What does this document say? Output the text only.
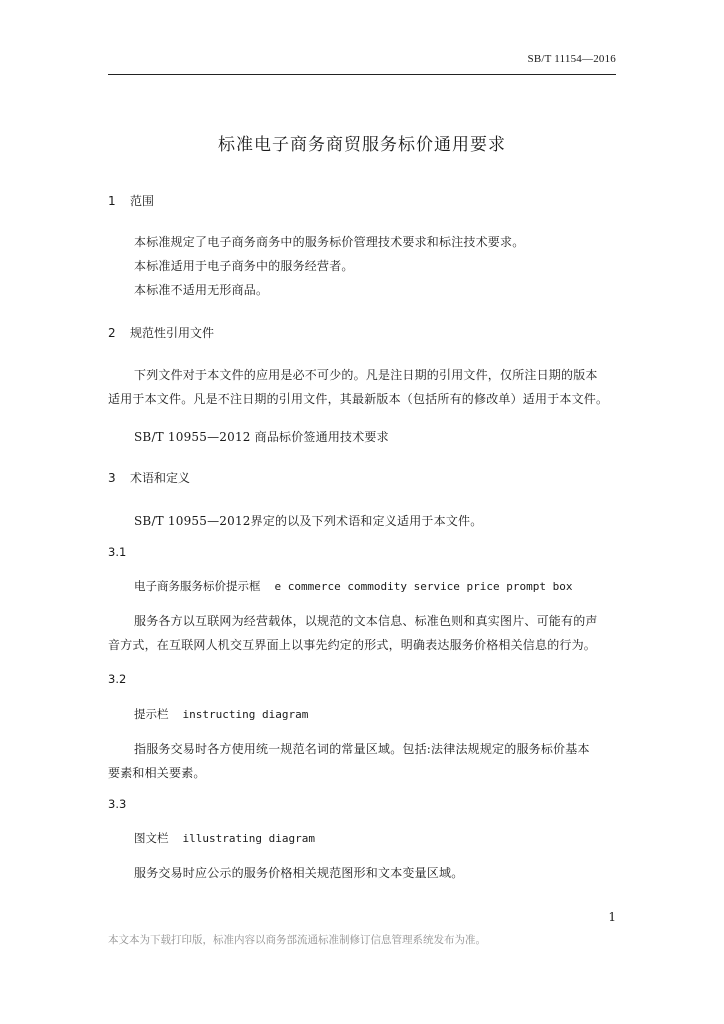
SB/T 11154—2016
标准电子商务商贸服务标价通用要求
1 范围
本标准规定了电子商务商务中的服务标价管理技术要求和标注技术要求。
本标准适用于电子商务中的服务经营者。
本标准不适用无形商品。
2 规范性引用文件
下列文件对于本文件的应用是必不可少的。凡是注日期的引用文件，仅所注日期的版本
适用于本文件。凡是不注日期的引用文件，其最新版本（包括所有的修改单）适用于本文件。
SB/T 10955—2012 商品标价签通用技术要求
3 术语和定义
SB/T 10955—2012界定的以及下列术语和定义适用于本文件。
3.1
电子商务服务标价提示框 e commerce commodity service price prompt box
服务各方以互联网为经营载体，以规范的文本信息、标准色则和真实图片、可能有的声
音方式，在互联网人机交互界面上以事先约定的形式，明确表达服务价格相关信息的行为。
3.2
提示栏 instructing diagram
指服务交易时各方使用统一规范名词的常量区域。包括:法律法规规定的服务标价基本
要素和相关要素。
3.3
图文栏 illustrating diagram
服务交易时应公示的服务价格相关规范图形和文本变量区域。
1
本文本为下载打印版，标准内容以商务部流通标准制修订信息管理系统发布为准。
